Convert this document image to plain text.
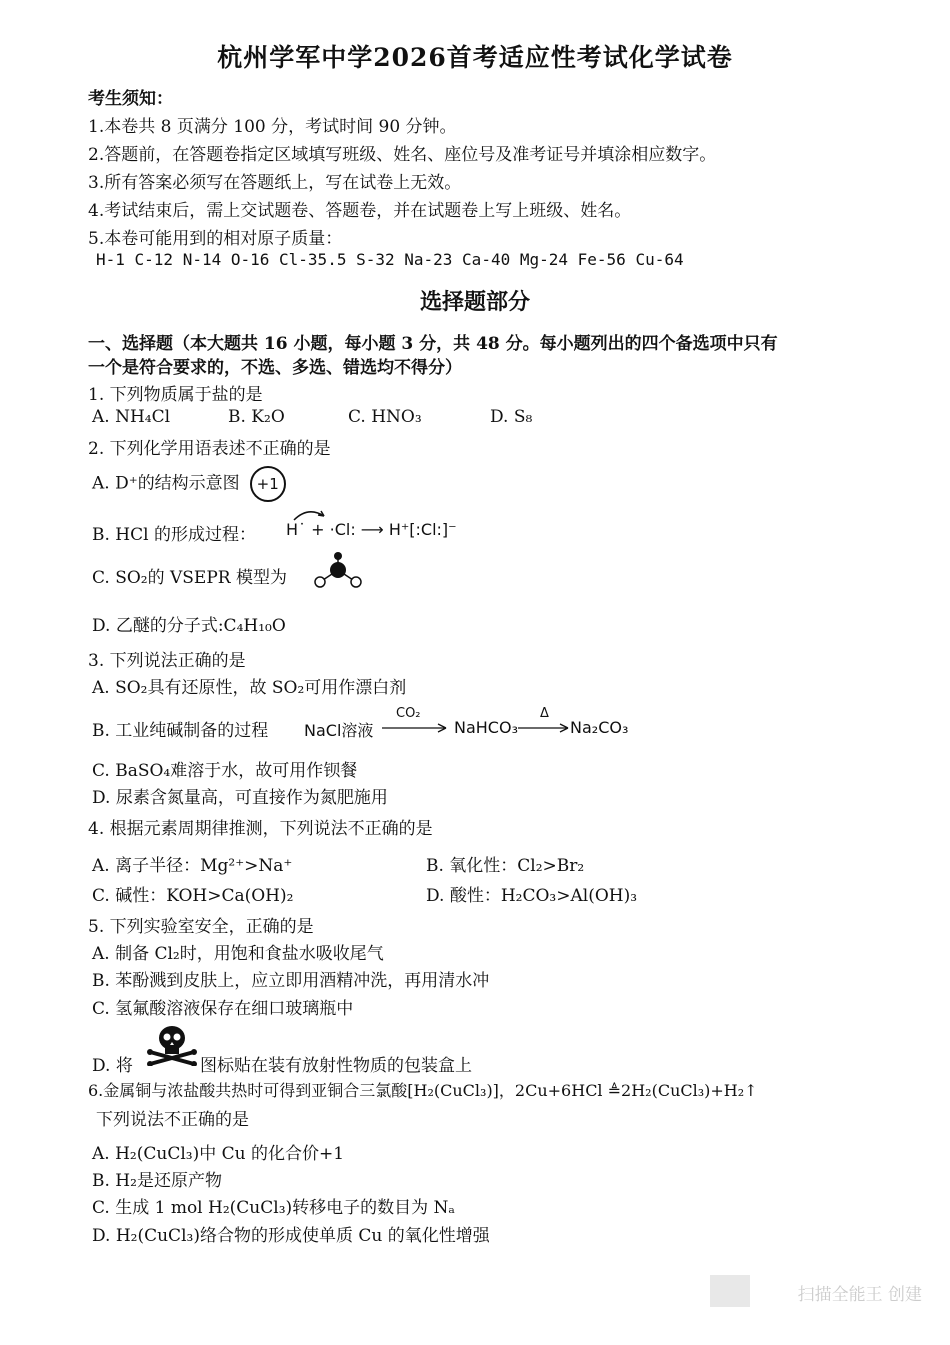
杭州学军中学2026首考适应性考试化学试卷
考生须知：
1.本卷共 8 页满分 100 分，考试时间 90 分钟。
2.答题前，在答题卷指定区域填写班级、姓名、座位号及准考证号并填涂相应数字。
3.所有答案必须写在答题纸上，写在试卷上无效。
4.考试结束后，需上交试题卷、答题卷，并在试题卷上写上班级、姓名。
5.本卷可能用到的相对原子质量：
H-1 C-12 N-14 O-16 Cl-35.5 S-32 Na-23 Ca-40 Mg-24 Fe-56 Cu-64
选择题部分
一、选择题（本大题共 16 小题，每小题 3 分，共 48 分。每小题列出的四个备选项中只有
一个是符合要求的，不选、多选、错选均不得分）
1. 下列物质属于盐的是
A. NH₄Cl	B. K₂O	C. HNO₃	D. S₈
2. 下列化学用语表述不正确的是
A. D⁺的结构示意图 +1
B. HCl 的形成过程： H˙ + ·Cl: ⟶ H⁺[:Cl:]⁻
C. SO₂的 VSEPR 模型为
D. 乙醚的分子式:C₄H₁₀O
3. 下列说法正确的是
A. SO₂具有还原性，故 SO₂可用作漂白剂
B. 工业纯碱制备的过程 NaCl溶液
CO₂
NaHCO₃
Δ
Na₂CO₃
C. BaSO₄难溶于水，故可用作钡餐
D. 尿素含氮量高，可直接作为氮肥施用
4. 根据元素周期律推测，下列说法不正确的是
A. 离子半径：Mg²⁺>Na⁺	B. 氧化性：Cl₂>Br₂
C. 碱性：KOH>Ca(OH)₂	D. 酸性：H₂CO₃>Al(OH)₃
5. 下列实验室安全，正确的是
A. 制备 Cl₂时，用饱和食盐水吸收尾气
B. 苯酚溅到皮肤上，应立即用酒精冲洗，再用清水冲
C. 氢氟酸溶液保存在细口玻璃瓶中
D. 将	图标贴在装有放射性物质的包装盒上
6.金属铜与浓盐酸共热时可得到亚铜合三氯酸[H₂(CuCl₃)]，2Cu+6HCl ≜2H₂(CuCl₃)+H₂↑
下列说法不正确的是
A. H₂(CuCl₃)中 Cu 的化合价+1
B. H₂是还原产物
C. 生成 1 mol H₂(CuCl₃)转移电子的数目为 Nₐ
D. H₂(CuCl₃)络合物的形成使单质 Cu 的氧化性增强
扫描全能王 创建
